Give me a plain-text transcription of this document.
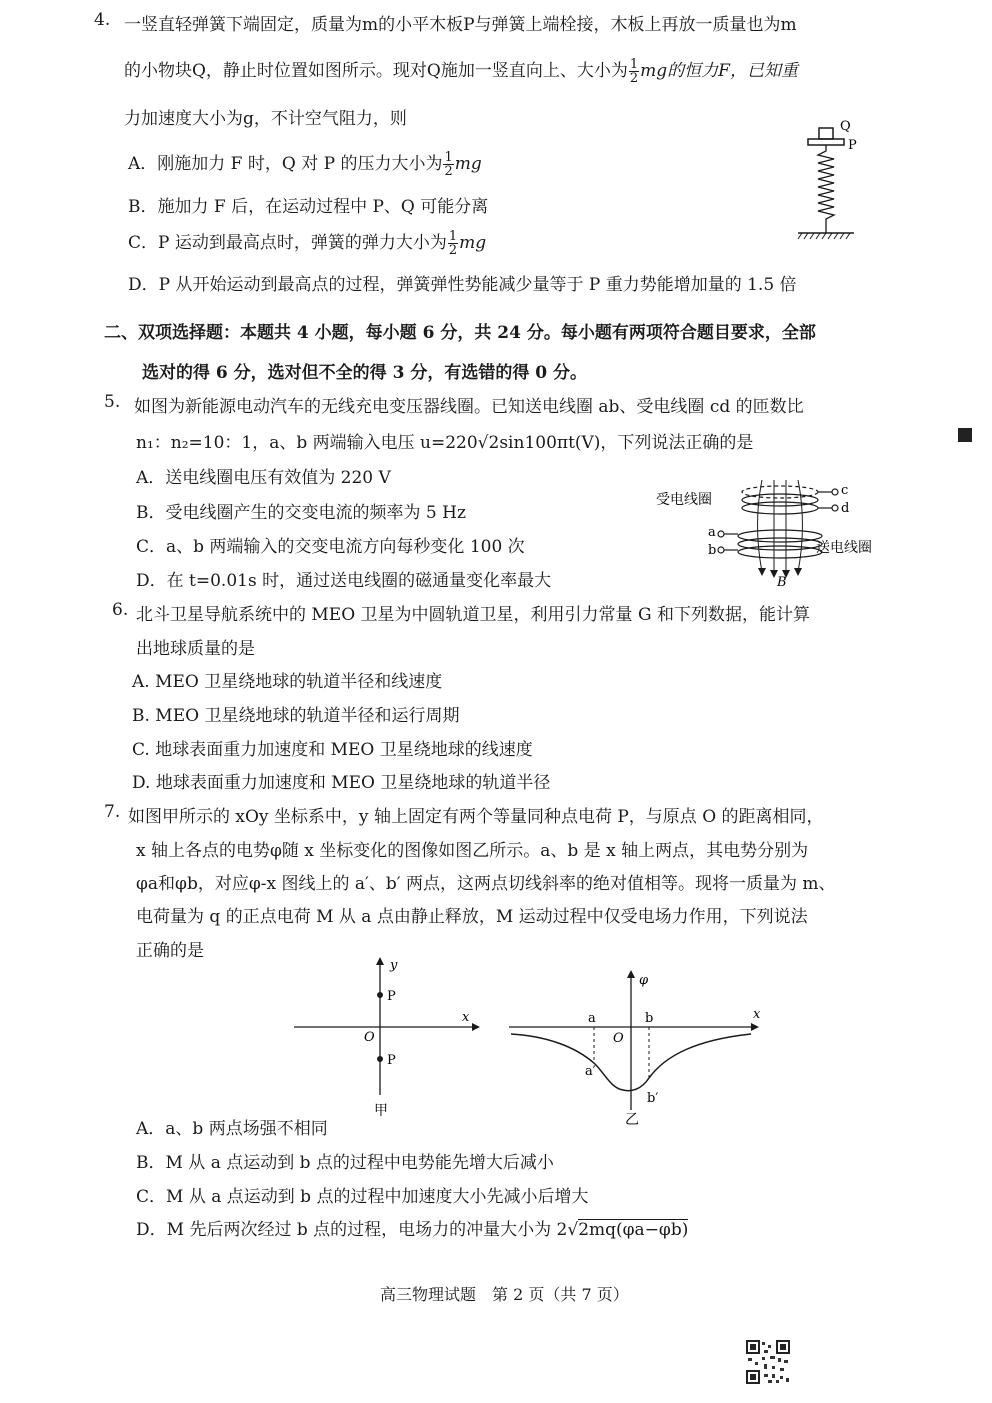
4. 一竖直轻弹簧下端固定，质量为m的小平木板P与弹簧上端栓接，木板上再放一质量也为m
的小物块Q，静止时位置如图所示。现对Q施加一竖直向上、大小为 $\frac{1}{2}$ mg的恒力F，已知重
力加速度大小为g，不计空气阻力，则
A．刚施加力 F 时，Q 对 P 的压力大小为 $\frac{1}{2}$ mg
B．施加力 F 后，在运动过程中 P、Q 可能分离
C．P 运动到最高点时，弹簧的弹力大小为 $\frac{1}{2}$ mg
D．P 从开始运动到最高点的过程，弹簧弹性势能减少量等于 P 重力势能增加量的 1.5 倍
Q
P
二、双项选择题：本题共 4 小题，每小题 6 分，共 24 分。每小题有两项符合题目要求，全部
选对的得 6 分，选对但不全的得 3 分，有选错的得 0 分。
5. 如图为新能源电动汽车的无线充电变压器线圈。已知送电线圈 ab、受电线圈 cd 的匝数比
n₁：n₂=10：1，a、b 两端输入电压 u=220√2sin100πt(V)，下列说法正确的是
A．送电线圈电压有效值为 220 V
B．受电线圈产生的交变电流的频率为 5 Hz
C．a、b 两端输入的交变电流方向每秒变化 100 次
D．在 t=0.01s 时，通过送电线圈的磁通量变化率最大
受电线圈
送电线圈
c
d
a
b
B
6. 北斗卫星导航系统中的 MEO 卫星为中圆轨道卫星，利用引力常量 G 和下列数据，能计算
出地球质量的是
A. MEO 卫星绕地球的轨道半径和线速度
B. MEO 卫星绕地球的轨道半径和运行周期
C. 地球表面重力加速度和 MEO 卫星绕地球的线速度
D. 地球表面重力加速度和 MEO 卫星绕地球的轨道半径
7. 如图甲所示的 xOy 坐标系中，y 轴上固定有两个等量同种点电荷 P，与原点 O 的距离相同，
x 轴上各点的电势φ随 x 坐标变化的图像如图乙所示。a、b 是 x 轴上两点，其电势分别为
φa和φb，对应φ-x 图线上的 a′、b′ 两点，这两点切线斜率的绝对值相等。现将一质量为 m、
电荷量为 q 的正点电荷 M 从 a 点由静止释放，M 运动过程中仅受电场力作用，下列说法
正确的是
P
P
y
x
O
甲
φ
x
O
a	b
a′
b′
乙
A．a、b 两点场强不相同
B．M 从 a 点运动到 b 点的过程中电势能先增大后减小
C．M 从 a 点运动到 b 点的过程中加速度大小先减小后增大
D．M 先后两次经过 b 点的过程，电场力的冲量大小为 2√2mq(φa−φb)
高三物理试题　第 2 页（共 7 页）
